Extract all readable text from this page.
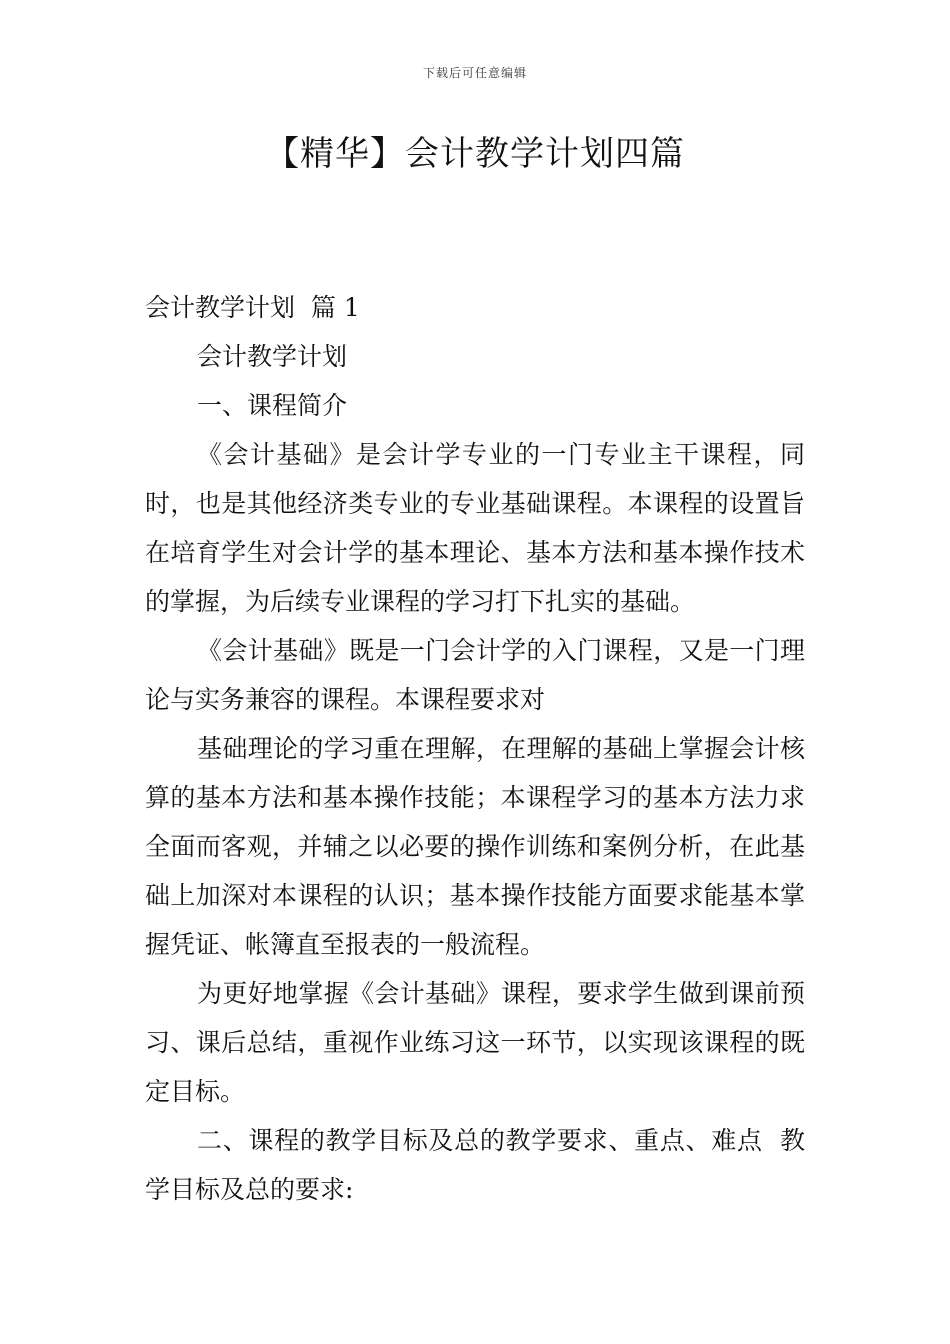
下载后可任意编辑
【精华】会计教学计划四篇

会计教学计划  篇 1

会计教学计划

一、课程简介

《会计基础》是会计学专业的一门专业主干课程，同时，也是其他经济类专业的专业基础课程。本课程的设置旨在培育学生对会计学的基本理论、基本方法和基本操作技术的掌握，为后续专业课程的学习打下扎实的基础。

《会计基础》既是一门会计学的入门课程，又是一门理论与实务兼容的课程。本课程要求对

基础理论的学习重在理解，在理解的基础上掌握会计核算的基本方法和基本操作技能；本课程学习的基本方法力求全面而客观，并辅之以必要的操作训练和案例分析，在此基础上加深对本课程的认识；基本操作技能方面要求能基本掌握凭证、帐簿直至报表的一般流程。

为更好地掌握《会计基础》课程，要求学生做到课前预习、课后总结，重视作业练习这一环节，以实现该课程的既定目标。

二、课程的教学目标及总的教学要求、重点、难点  教学目标及总的要求:
